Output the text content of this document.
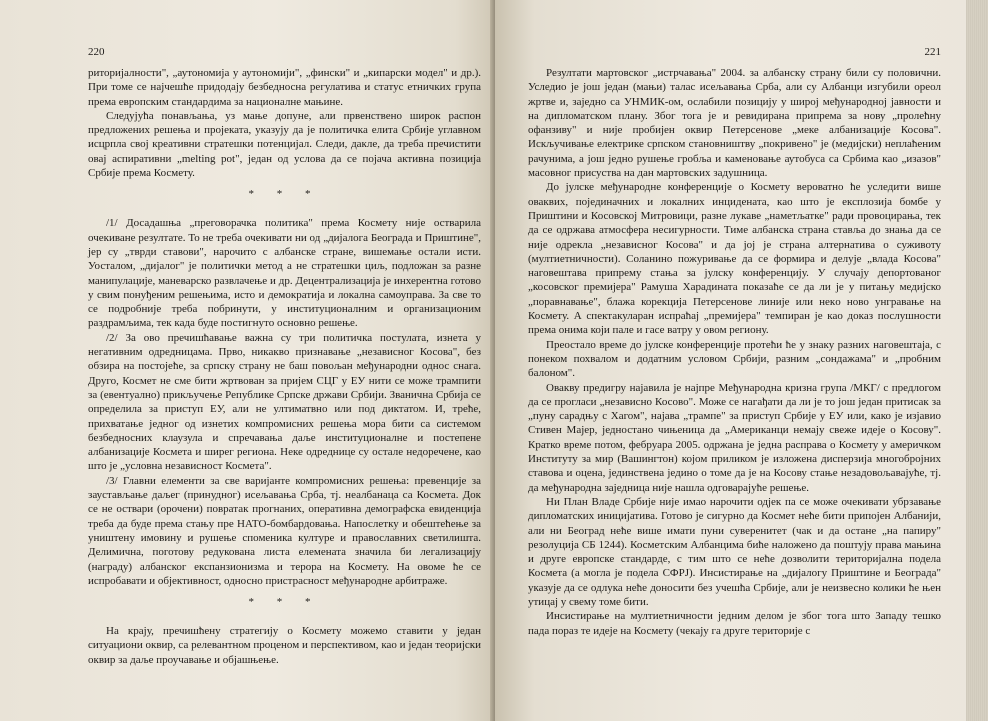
220

риторијалности", „аутономија у аутономији", „фински" и „кипарски модел" и др.). При томе се најчешће придодају безбедносна регулатива и статус етничких група према европским стандардима за националне мањине.

Следујућа понављања, уз мање допуне, али првенствено широк распон предложених решења и пројеката, указују да је политичка елита Србије углавном исцрпла свој креативни стратешки потенцијал. Следи, дакле, да треба пречистити овај аспиративни „melting pot", један од услова да се појача активна позиција Србије према Космету.

* * *

/1/ Досадашња „преговорачка политика" према Космету није остварила очекиване резултате. То не треба очекивати ни од „дијалога Београда и Приштине", јер су „тврди ставови", нарочито с албанске стране, вишемање остали исти. Уосталом, „дијалог" је политички метод а не стратешки циљ, подложан за разне манипулације, маневарско развлачење и др. Децентрализација је инхерентна готово у свим понуђеним решењима, исто и демократија и локална самоуправа. За све то се подробније треба побринути, у институционалним и организационим раздрамљима, тек када буде постигнуто основно решење.

/2/ За ово пречишћавање важна су три политичка постулата, изнета у негативним одредницама. Прво, никакво признавање „независног Косова", без обзира на постојеће, за српску страну не баш повољан међународни однос снага. Друго, Космет не сме бити жртвован за пријем СЦГ у ЕУ нити се може трампити за (евентуално) прикључење Републике Српске држави Србији. Званична Србија се определила за приступ ЕУ, али не ултиматвно или под диктатом. И, треће, прихватање једног од изнетих компромисних решења мора бити са системом безбедносних клаузула и спречавања даље институционалне и постепене албанизације Космета и ширег региона. Неке одреднице су остале недоречене, као што је „условна независност Космета".

/3/ Главни елементи за све варијанте компромисних решења: превенције за заустављање даљег (принудног) исељавања Срба, тј. неалбанаца са Космета. Док се не оствари (орочени) повратак прогнаних, оперативна демографска евиденција треба да буде према стању пре НАТО-бомбардовања. Напослетку и обештећење за уништену имовину и рушење споменика културе и православних светилишта. Делимична, поготову редукована листа елемената значила би легализацију (награду) албанског експанзионизма и терора на Космету. На овоме ће се испробавати и објективност, односно пристрасност међународне арбитраже.

* * *

На крају, пречишћену стратегију о Космету можемо ставити у један ситуациони оквир, са релевантном проценом и перспективом, као и један теоријски оквир за даље проучавање и објашњење.

221

Резултати мартовског „истрчавања" 2004. за албанску страну били су половични. Уследио је још један (мањи) талас исељавања Срба, али су Албанци изгубили ореол жртве и, заједно са УНМИК-ом, ослабили позицију у широј међународној јавности и на дипломатском плану. Због тога је и ревидирана припрема за нову „пролећну офанзиву" и није пробијен оквир Петерсенове „меке албанизације Косова". Искључивање електрике српском становништву „покривено" је (медијски) неплаћеним рачунима, а још једно рушење гробља и каменовање аутобуса са Србима као „изазов" масовног присуства на дан мартовских задушница.

До јулске међународне конференције о Космету вероватно ће уследити више оваквих, појединачних и локалних инцидената, као што је експлозија бомбе у Приштини и Косовској Митровици, разне лукаве „наметљатке" ради провоцирања, тек да се одржава атмосфера несигурности. Тиме албанска страна ставља до знања да се није одрекла „независног Косова" и да јој је страна алтернатива о суживоту (мултиетничности). Соланино пожуривање да се формира и делује „влада Косова" наговештава припрему стања за јулску конференцију. У случају депортованог „косовског премијера" Рамуша Харадината показаће се да ли је у питању медијско „поравнавање", блажа корекција Петерсенове линије или некo ново унгравање на Космету. А спектакуларан испраћај „премијера" темпиран је као доказ послушности према онима који пале и гасе ватру у овом региону.

Преостало време до јулске конференције протећи ће у знаку разних наговештаја, с понеком похвалом и додатним условом Србији, разним „сондажама" и „пробним балоном".

Овакву предигру најавила је најпре Међународна кризна група /МКГ/ с предлогом да се прогласи „независно Косово". Може се нагађати да ли је то још један притисак за „пуну сарадњу с Хагом", најава „трампе" за приступ Србије у ЕУ или, како је изјавио Стивен Мајер, једностано чињеница да „Американци немају свеже идеје о Косову". Кратко време потом, фебруара 2005. одржана је једна расправа о Космету у америчком Институту за мир (Вашингтон) којом приликом је изложена дисперзија многобројних ставова и оцена, јединствена једино о томе да је на Косову стање незадовољавајуће, тј. да међународна заједница није нашла одговарајуће решење.

Ни План Владе Србије није имао нарочити одјек па се може очекивати убрзавање дипломатских иницијатива. Готово је сигурно да Космет неће бити припојен Албанији, али ни Београд неће више имати пуни суверенитет (чак и да остане „на папиру" резолуција СБ 1244). Косметским Албанцима биће наложено да поштују права мањина и друге европске стандарде, с тим што се неће дозволити територијална подела Космета (а могла је подела СФРЈ). Инсистирање на „дијалогу Приштине и Београда" указује да се одлука неће доносити без учешћа Србије, али је неизвесно колики ће њен утицај у свему томе бити.

Инсистирање на мултиетничности једним делом је због тога што Западу тешко пада пораз те идеје на Космету (чекају га друге територије с
